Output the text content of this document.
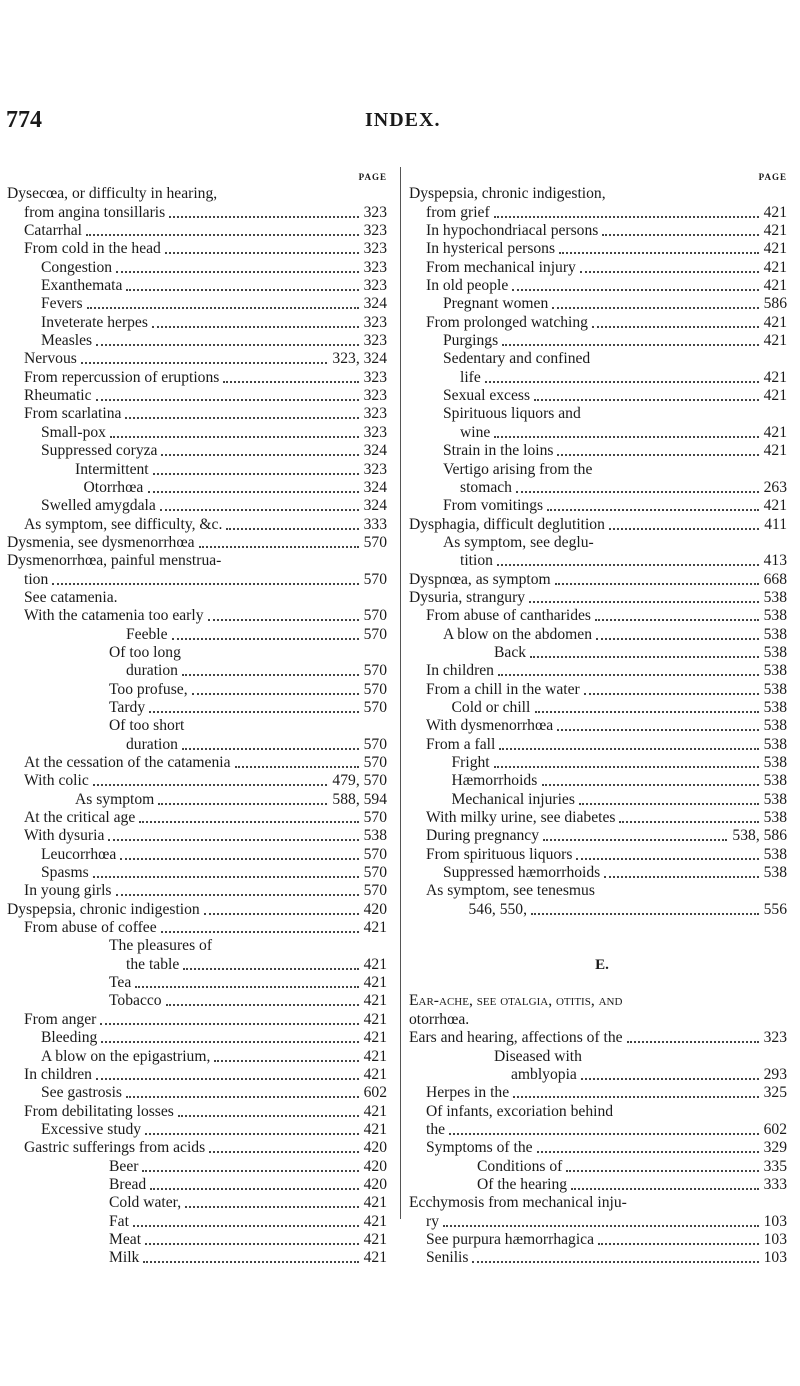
774	INDEX.
PAGE
Dysecœa, or difficulty in hearing,
from angina tonsillaris	323
Catarrhal	323
From cold in the head	323
Congestion	323
Exanthemata	323
Fevers	324
Inveterate herpes	323
Measles	323
Nervous	323, 324
From repercussion of eruptions	323
Rheumatic	323
From scarlatina	323
Small-pox	323
Suppressed coryza	324
Intermittent	323
Otorrhœa	324
Swelled amygdala	324
As symptom, see difficulty, &c.	333
Dysmenia, see dysmenorrhœa	570
Dysmenorrhœa, painful menstrua-
tion	570
See catamenia.
With the catamenia too early	570
Feeble	570
Of too long
duration	570
Too profuse,	570
Tardy	570
Of too short
duration	570
At the cessation of the catamenia	570
With colic	479, 570
As symptom	588, 594
At the critical age	570
With dysuria	538
Leucorrhœa	570
Spasms	570
In young girls	570
Dyspepsia, chronic indigestion	420
From abuse of coffee	421
The pleasures of
the table	421
Tea	421
Tobacco	421
From anger	421
Bleeding	421
A blow on the epigastrium,	421
In children	421
See gastrosis	602
From debilitating losses	421
Excessive study	421
Gastric sufferings from acids	420
Beer	420
Bread	420
Cold water,	421
Fat	421
Meat	421
Milk	421
PAGE
Dyspepsia, chronic indigestion,
from grief	421
In hypochondriacal persons	421
In hysterical persons	421
From mechanical injury	421
In old people	421
Pregnant women	586
From prolonged watching	421
Purgings	421
Sedentary and confined
life	421
Sexual excess	421
Spirituous liquors and
wine	421
Strain in the loins	421
Vertigo arising from the
stomach	263
From vomitings	421
Dysphagia, difficult deglutition	411
As symptom, see deglu-
tition	413
Dyspnœa, as symptom	668
Dysuria, strangury	538
From abuse of cantharides	538
A blow on the abdomen	538
Back	538
In children	538
From a chill in the water	538
Cold or chill	538
With dysmenorrhœa	538
From a fall	538
Fright	538
Hæmorrhoids	538
Mechanical injuries	538
With milky urine, see diabetes	538
During pregnancy	538, 586
From spirituous liquors	538
Suppressed hæmorrhoids	538
As symptom, see tenesmus
546, 550,	556
E.
Ear-ache, see otalgia, otitis, and
otorrhœa.
Ears and hearing, affections of the	323
Diseased with
amblyopia	293
Herpes in the	325
Of infants, excoriation behind
the	602
Symptoms of the	329
Conditions of	335
Of the hearing	333
Ecchymosis from mechanical inju-
ry	103
See purpura hæmorrhagica	103
Senilis	103
